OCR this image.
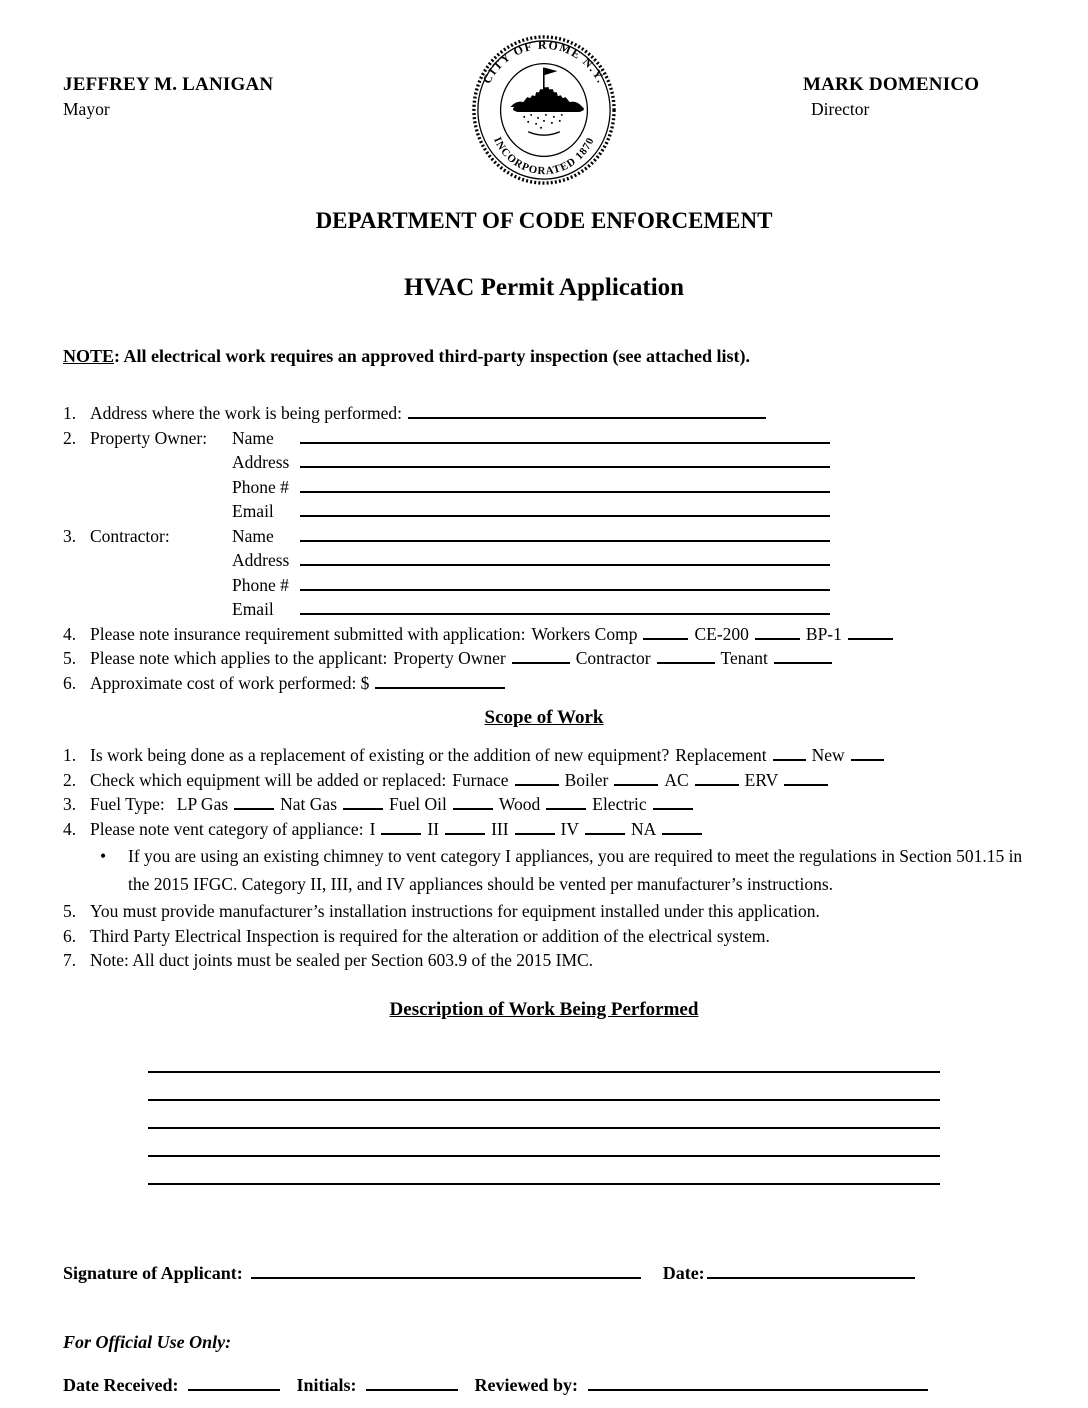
JEFFREY M. LANIGAN
Mayor
CITY OF ROME N.Y.
INCORPORATED 1870
MARK DOMENICO
Director
DEPARTMENT OF CODE ENFORCEMENT
HVAC Permit Application
NOTE: All electrical work requires an approved third-party inspection (see attached list).
1. Address where the work is being performed:
2. Property Owner:	Name
Address
Phone #
Email
3. Contractor:	Name
Address
Phone #
Email
4. Please note insurance requirement submitted with application: Workers Comp	CE-200	BP-1
5. Please note which applies to the applicant: Property Owner	Contractor	Tenant
6. Approximate cost of work performed: $
Scope of Work
1. Is work being done as a replacement of existing or the addition of new equipment? Replacement	New
2. Check which equipment will be added or replaced: Furnace	Boiler	AC	ERV
3. Fuel Type: LP Gas	Nat Gas	Fuel Oil	Wood	Electric
4. Please note vent category of appliance: I	II	III	IV	NA
•	If you are using an existing chimney to vent category I appliances, you are required to meet the regulations in Section 501.15 in the 2015 IFGC. Category II, III, and IV appliances should be vented per manufacturer’s instructions.
5. You must provide manufacturer’s installation instructions for equipment installed under this application.
6. Third Party Electrical Inspection is required for the alteration or addition of the electrical system.
7. Note: All duct joints must be sealed per Section 603.9 of the 2015 IMC.
Description of Work Being Performed
Signature of Applicant:	Date:
For Official Use Only:
Date Received:	Initials:	Reviewed by:
